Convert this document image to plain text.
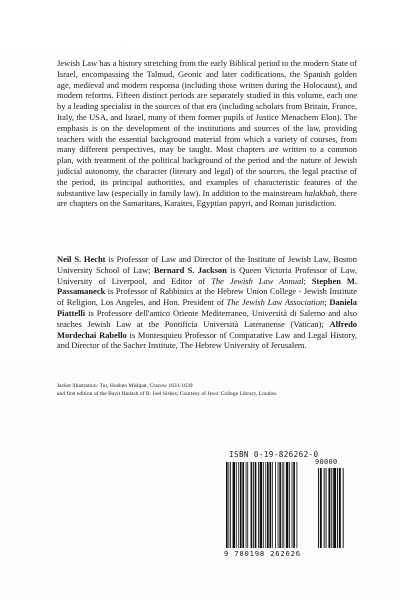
Jewish Law has a history stretching from the early Biblical period to the modern State of Israel, encompassing the Talmud, Geonic and later codifications, the Spanish golden age, medieval and modern responsa (including those written during the Holocaust), and modern reforms. Fifteen distinct periods are separately studied in this volume, each one by a leading specialist in the sources of that era (including scholars from Britain, France, Italy, the USA, and Israel, many of them former pupils of Justice Menachem Elon). The emphasis is on the development of the institutions and sources of the law, providing teachers with the essential background material from which a variety of courses, from many different perspectives, may be taught. Most chapters are written to a common plan, with treatment of the political background of the period and the nature of Jewish judicial autonomy, the character (literary and legal) of the sources, the legal practise of the period, its principal authorities, and examples of characteristic features of the substantive law (especially in family law). In addition to the mainstream halakhah, there are chapters on the Samaritans, Karaites, Egyptian papyri, and Roman jurisdiction.

Neil S. Hecht is Professor of Law and Director of the Institute of Jewish Law, Boston University School of Law; Bernard S. Jackson is Queen Victoria Professor of Law, University of Liverpool, and Editor of The Jewish Law Annual; Stephen M. Passamaneck is Professor of Rabbinics at the Hebrew Union College - Jewish Institute of Religion, Los Angeles, and Hon. President of The Jewish Law Association; Daniela Piattelli is Professore dell'antico Oriente Mediterraneo, Università di Salerno and also teaches Jewish Law at the Pontificia Università Lateranense (Vatican); Alfredo Mordechai Rabello is Montesquieu Professor of Comparative Law and Legal History, and Director of the Sacher Institute, The Hebrew University of Jerusalem.

Jacket illustration: Tur, Hoshen Mishpat, Cracow 1631-1639
and first edition of the Bayit Hadash of R. Joel Sirkes; Courtesy of Jews' College Library, London.
ISBN 0-19-826262-0
90000
9 780198 262626
